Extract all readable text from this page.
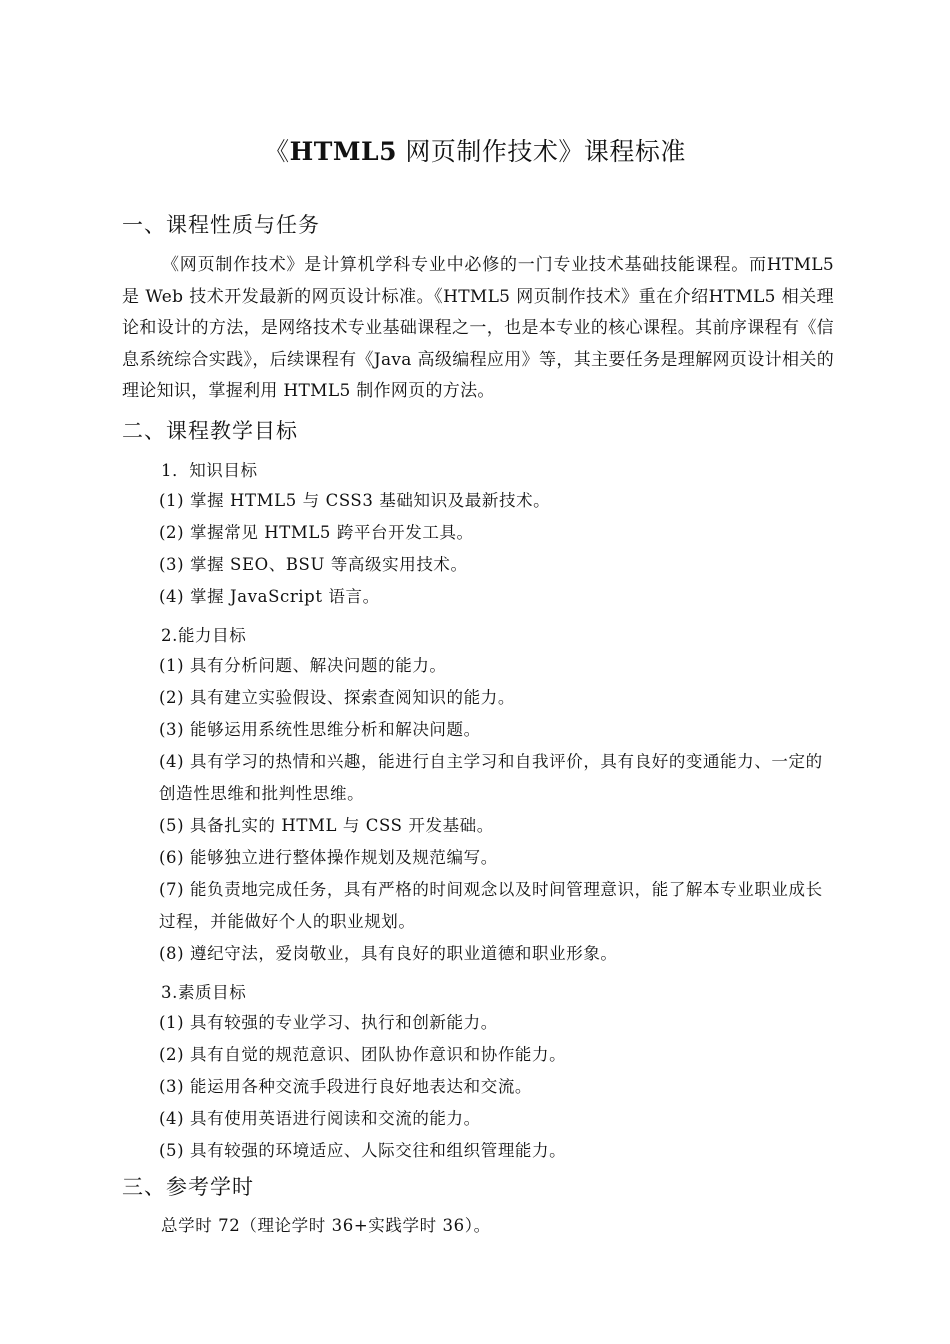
《HTML5 网页制作技术》课程标准
一、课程性质与任务
《网页制作技术》是计算机学科专业中必修的一门专业技术基础技能课程。而HTML5 是 Web 技术开发最新的网页设计标准。《HTML5 网页制作技术》重在介绍HTML5 相关理论和设计的方法，是网络技术专业基础课程之一，也是本专业的核心课程。其前序课程有《信息系统综合实践》，后续课程有《Java 高级编程应用》等，其主要任务是理解网页设计相关的理论知识，掌握利用 HTML5 制作网页的方法。
二、课程教学目标
1．知识目标
(1) 掌握 HTML5 与 CSS3 基础知识及最新技术。
(2) 掌握常见 HTML5 跨平台开发工具。
(3) 掌握 SEO、BSU 等高级实用技术。
(4) 掌握 JavaScript 语言。
2.能力目标
(1) 具有分析问题、解决问题的能力。
(2) 具有建立实验假设、探索查阅知识的能力。
(3) 能够运用系统性思维分析和解决问题。
(4) 具有学习的热情和兴趣，能进行自主学习和自我评价，具有良好的变通能力、一定的创造性思维和批判性思维。
(5) 具备扎实的 HTML 与 CSS 开发基础。
(6) 能够独立进行整体操作规划及规范编写。
(7) 能负责地完成任务，具有严格的时间观念以及时间管理意识，能了解本专业职业成长过程，并能做好个人的职业规划。
(8) 遵纪守法，爱岗敬业，具有良好的职业道德和职业形象。
3.素质目标
(1) 具有较强的专业学习、执行和创新能力。
(2) 具有自觉的规范意识、团队协作意识和协作能力。
(3) 能运用各种交流手段进行良好地表达和交流。
(4) 具有使用英语进行阅读和交流的能力。
(5) 具有较强的环境适应、人际交往和组织管理能力。
三、参考学时
总学时 72（理论学时 36+实践学时 36）。
